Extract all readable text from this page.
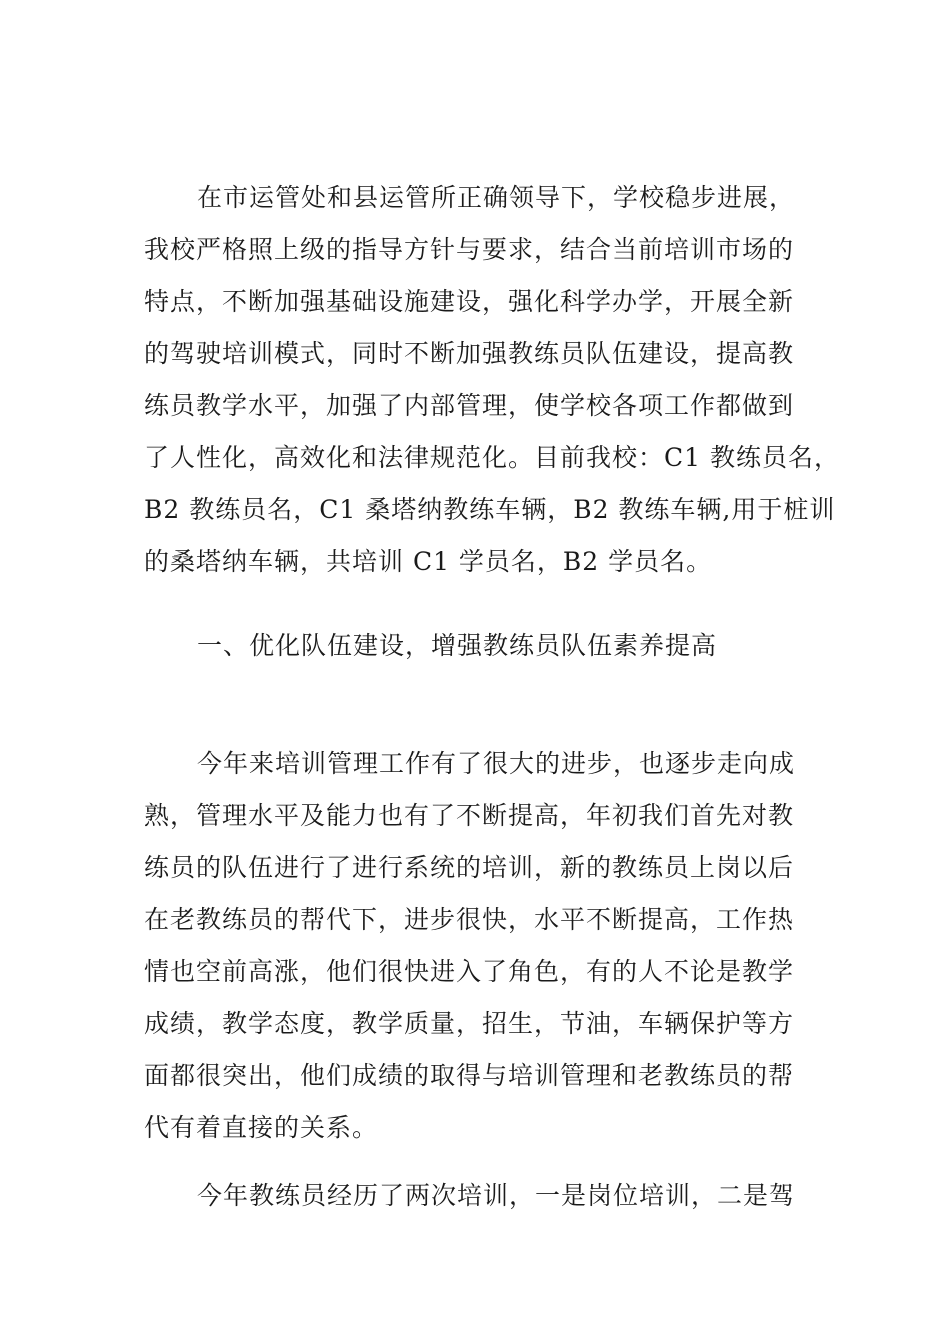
在市运管处和县运管所正确领导下，学校稳步进展，
我校严格照上级的指导方针与要求，结合当前培训市场的
特点，不断加强基础设施建设，强化科学办学，开展全新
的驾驶培训模式，同时不断加强教练员队伍建设，提高教
练员教学水平，加强了内部管理，使学校各项工作都做到
了人性化，高效化和法律规范化。目前我校：C1 教练员名，
B2 教练员名，C1 桑塔纳教练车辆，B2 教练车辆,用于桩训
的桑塔纳车辆，共培训 C1 学员名，B2 学员名。
一、优化队伍建设，增强教练员队伍素养提高
今年来培训管理工作有了很大的进步，也逐步走向成
熟，管理水平及能力也有了不断提高，年初我们首先对教
练员的队伍进行了进行系统的培训，新的教练员上岗以后
在老教练员的帮代下，进步很快，水平不断提高，工作热
情也空前高涨，他们很快进入了角色，有的人不论是教学
成绩，教学态度，教学质量，招生，节油，车辆保护等方
面都很突出，他们成绩的取得与培训管理和老教练员的帮
代有着直接的关系。
今年教练员经历了两次培训，一是岗位培训，二是驾
